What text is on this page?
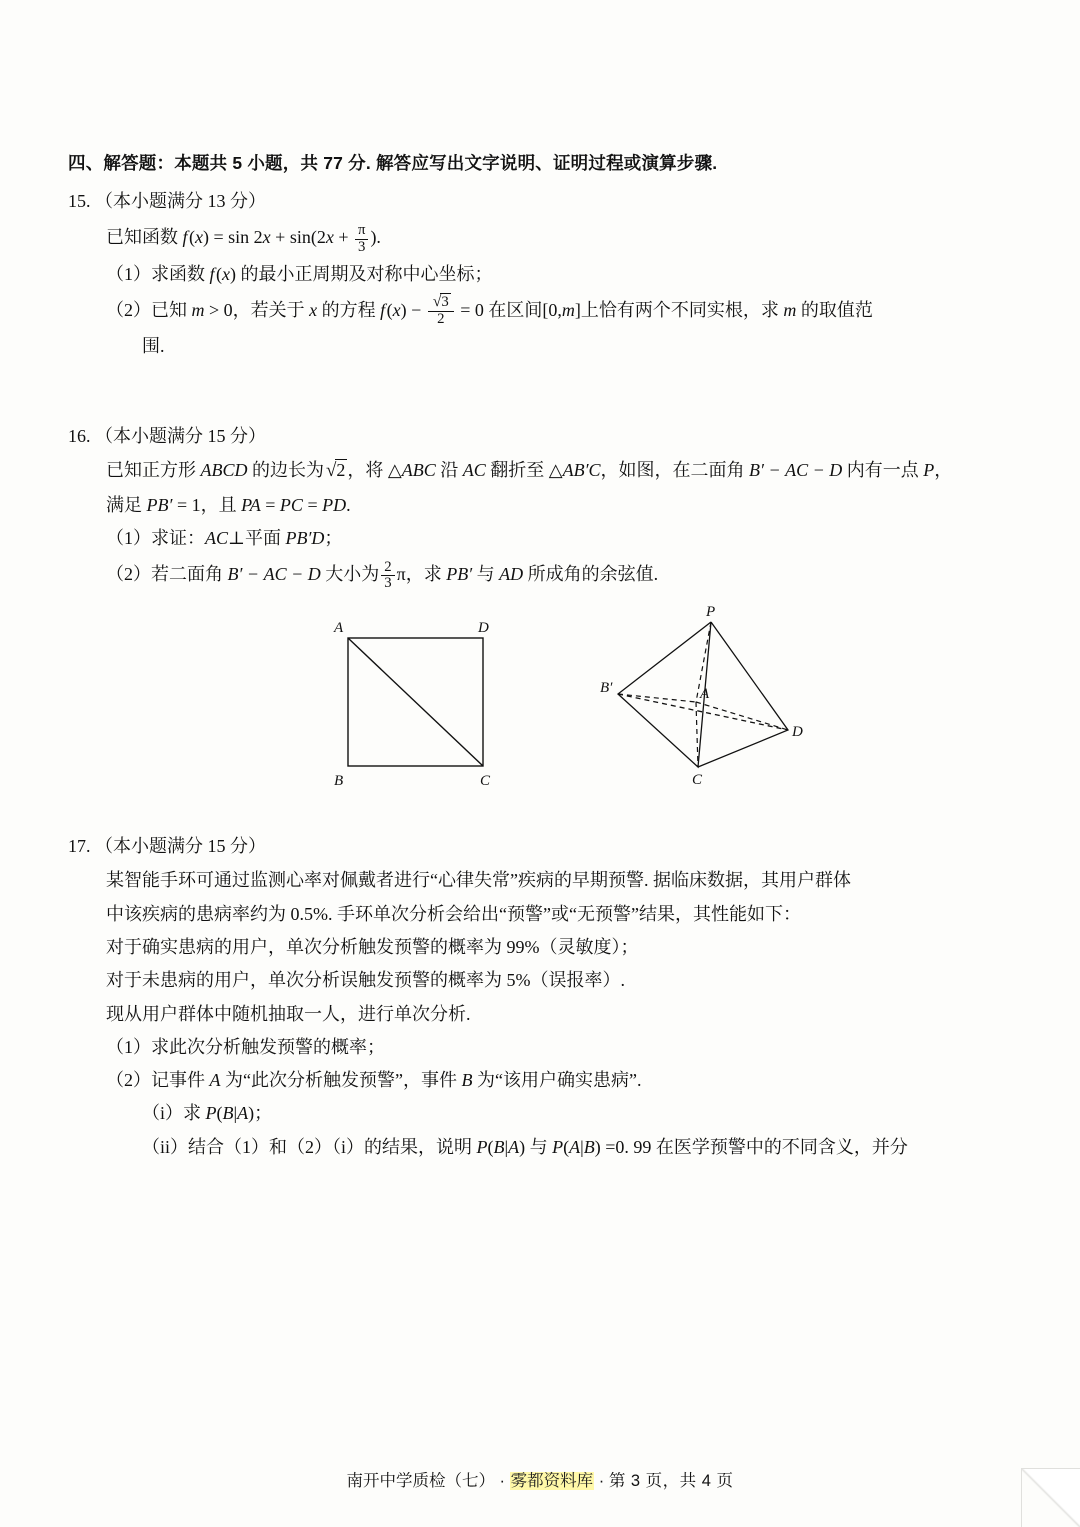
四、解答题：本题共 5 小题，共 77 分. 解答应写出文字说明、证明过程或演算步骤.
15. （本小题满分 13 分）
已知函数 f $(x) = \sin 2x + \sin(2x + \frac{\pi}{3}$ ).
（1）求函数 f (x) 的最小正周期及对称中心坐标；
（2）已知 m > 0，若关于 x 的方程 f $(x) - \frac{√3}{2} = 0$ 在区间[0,m]上恰有两个不同实根，求 m 的取值范
围.
16. （本小题满分 15 分）
已知正方形 ABCD 的边长为 √2 ，将 △ABC 沿 AC 翻折至 △AB′C，如图，在二面角 B′ − AC − D 内有一点 P，
满足 PB′ = 1，且 PA = PC = PD.
（1）求证：AC⊥平面 PB′D；
（2）若二面角 B′ − AC − D 大小为 $\frac{2}{3}$ π，求 PB′ 与 AD 所成角的余弦值.
A	D
B	C
P
B′	A
D
C
17. （本小题满分 15 分）
某智能手环可通过监测心率对佩戴者进行“心律失常”疾病的早期预警. 据临床数据，其用户群体
中该疾病的患病率约为 0.5%. 手环单次分析会给出“预警”或“无预警”结果，其性能如下：
对于确实患病的用户，单次分析触发预警的概率为 99%（灵敏度）；
对于未患病的用户，单次分析误触发预警的概率为 5%（误报率）.
现从用户群体中随机抽取一人，进行单次分析.
（1）求此次分析触发预警的概率；
（2）记事件 A 为“此次分析触发预警”，事件 B 为“该用户确实患病”.
（i）求 P(B|A)；
（ii）结合（1）和（2）（i）的结果，说明 P(B|A) 与 P(A|B) =0. 99 在医学预警中的不同含义，并分
南开中学质检（七） · 雾都资料库 · 第 3 页，共 4 页
